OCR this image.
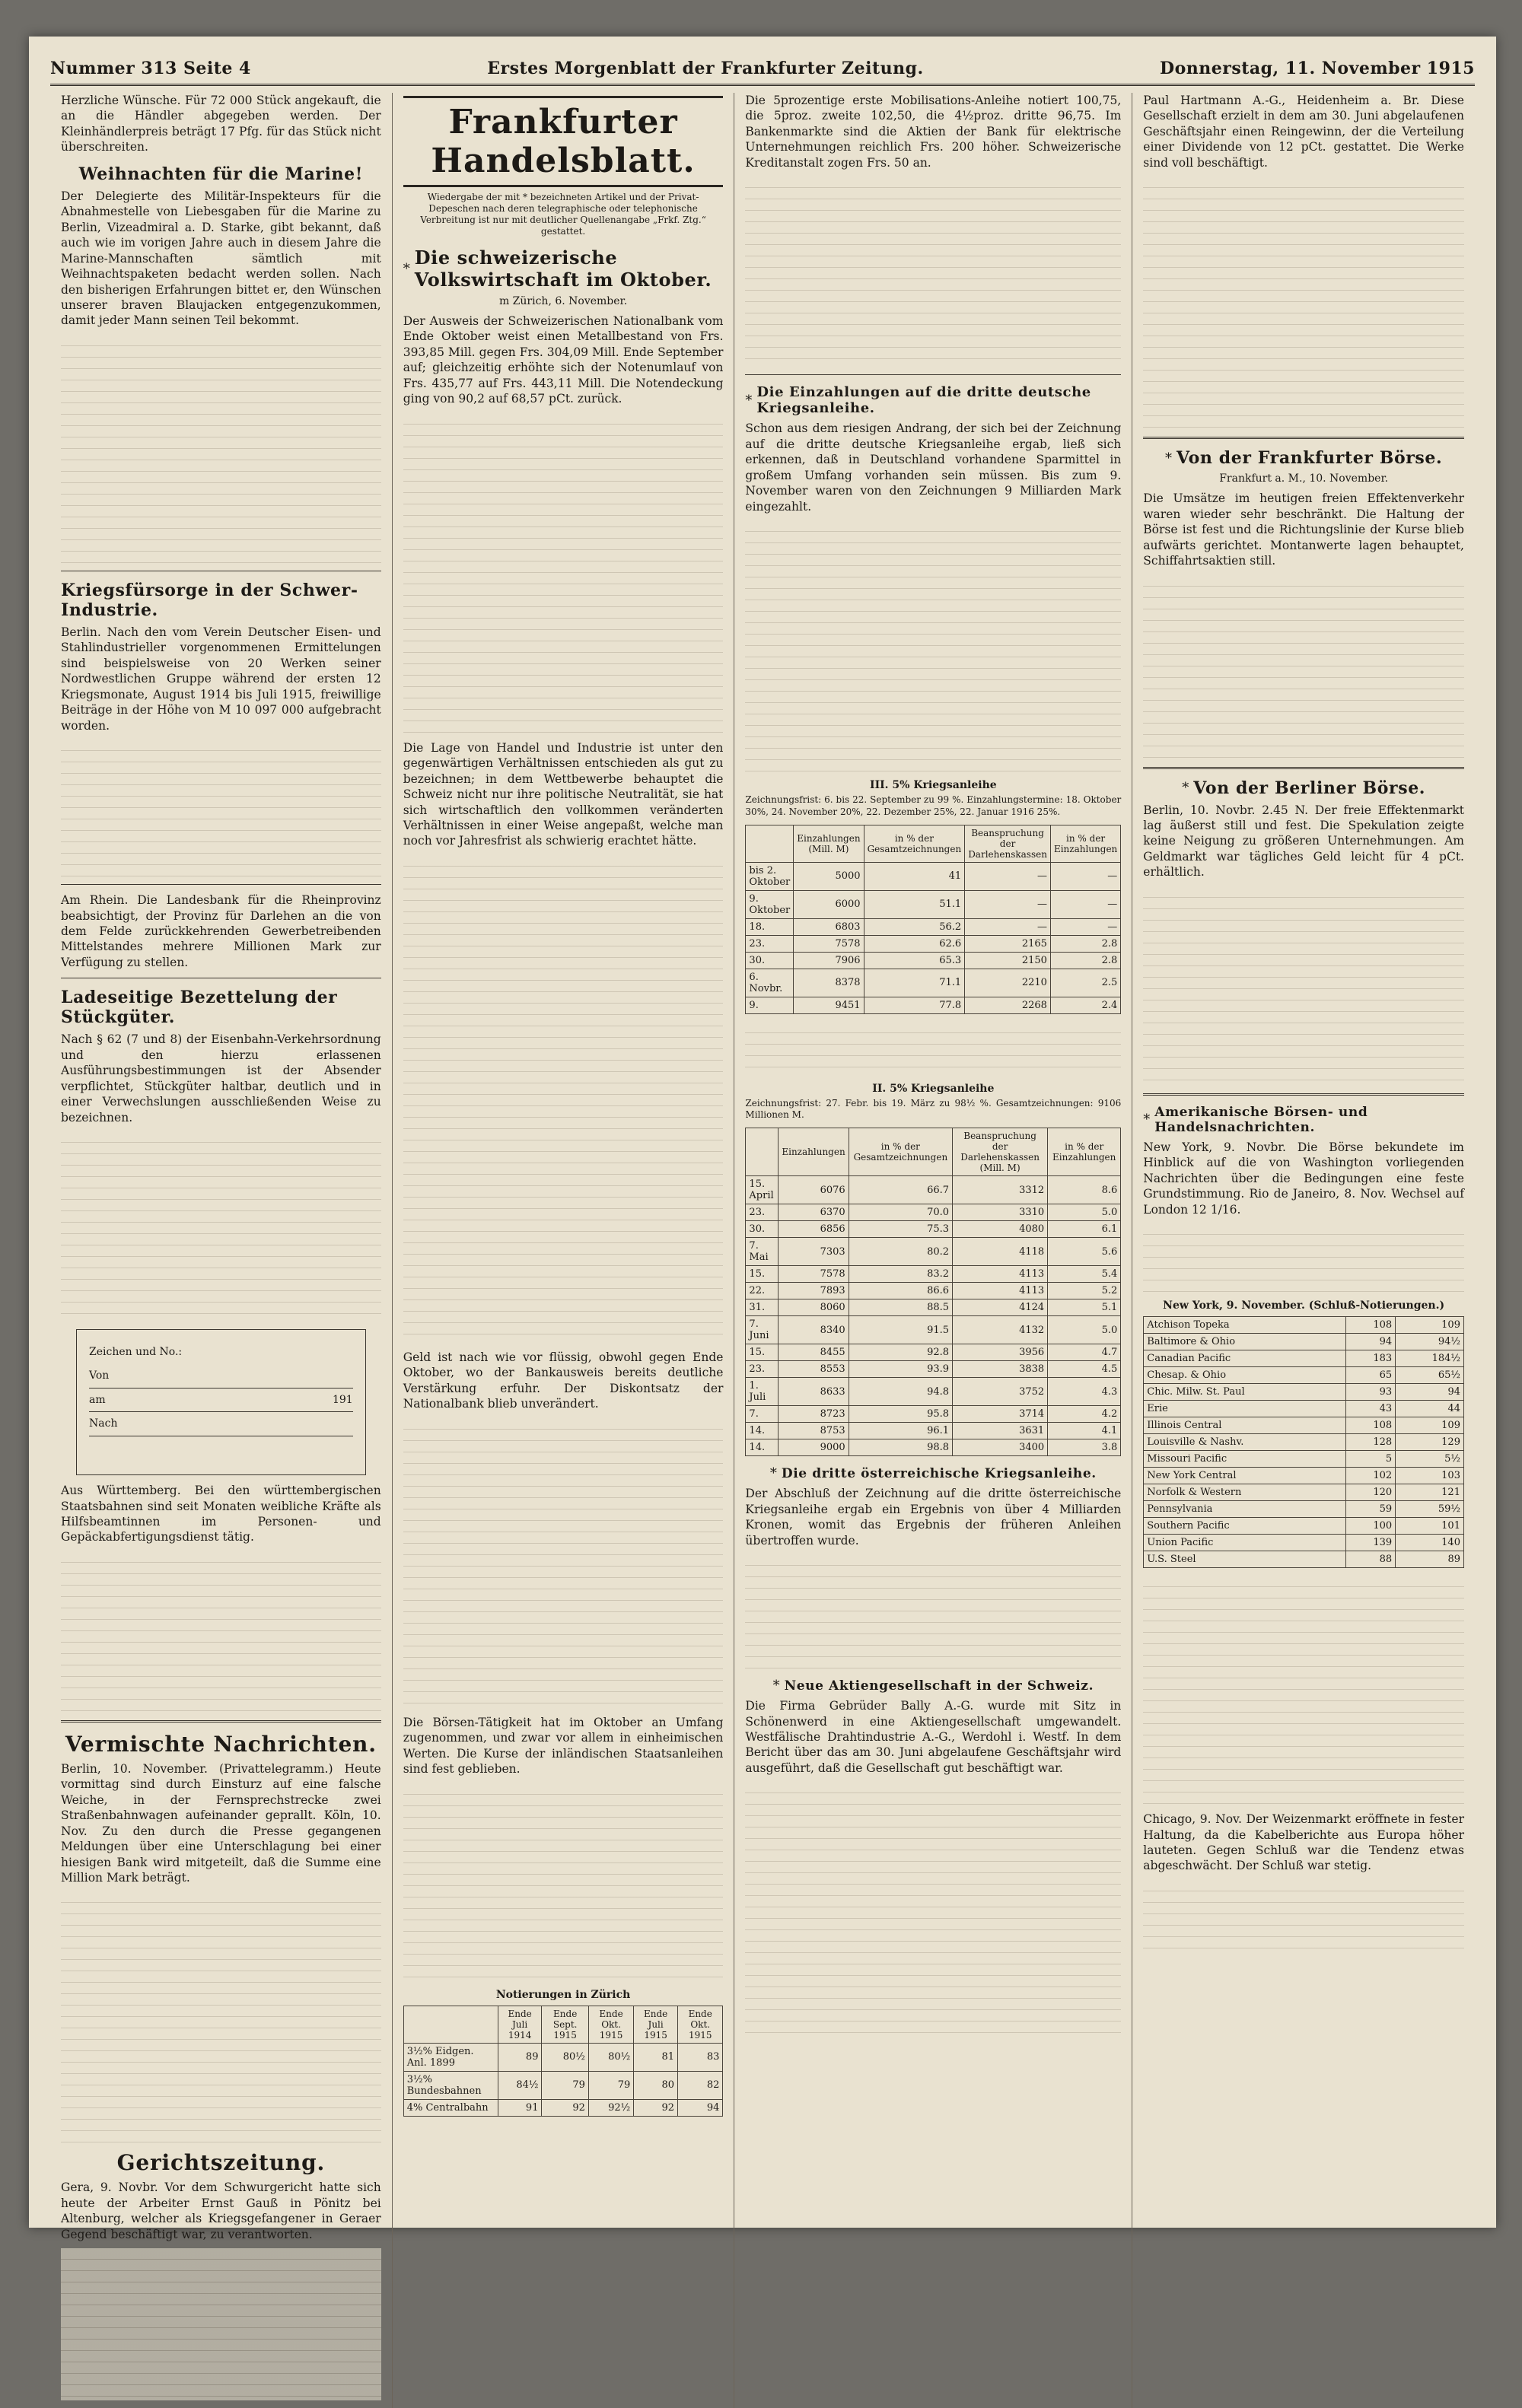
Nummer 313 Seite 4	Erstes Morgenblatt der Frankfurter Zeitung.	Donnerstag, 11. November 1915

Herzliche Wünsche. Für 72 000 Stück angekauft, die an die Händler abgegeben werden. Der Kleinhändlerpreis beträgt 17 Pfg. für das Stück nicht überschreiten.

Weihnachten für die Marine!

Der Delegierte des Militär-Inspekteurs für die Abnahmestelle von Liebesgaben für die Marine zu Berlin, Vizeadmiral a. D. Starke, gibt bekannt, daß auch wie im vorigen Jahre auch in diesem Jahre die Marine-Mannschaften sämtlich mit Weihnachtspaketen bedacht werden sollen. Nach den bisherigen Erfahrungen bittet er, den Wünschen unserer braven Blaujacken entgegenzukommen, damit jeder Mann seinen Teil bekommt.

Kriegsfürsorge in der Schwer-Industrie.

Berlin. Nach den vom Verein Deutscher Eisen- und Stahlindustrieller vorgenommenen Ermittelungen sind beispielsweise von 20 Werken seiner Nordwestlichen Gruppe während der ersten 12 Kriegsmonate, August 1914 bis Juli 1915, freiwillige Beiträge in der Höhe von M 10 097 000 aufgebracht worden.

Am Rhein. Die Landesbank für die Rheinprovinz beabsichtigt, der Provinz für Darlehen an die von dem Felde zurückkehrenden Gewerbetreibenden Mittelstandes mehrere Millionen Mark zur Verfügung zu stellen.

Ladeseitige Bezettelung der Stückgüter.

Nach § 62 (7 und 8) der Eisenbahn-Verkehrsordnung und den hierzu erlassenen Ausführungsbestimmungen ist der Absender verpflichtet, Stückgüter haltbar, deutlich und in einer Verwechslungen ausschließenden Weise zu bezeichnen.

Zeichen und No.:
Von
am	191
Nach

Aus Württemberg. Bei den württembergischen Staatsbahnen sind seit Monaten weibliche Kräfte als Hilfsbeamtinnen im Personen- und Gepäckabfertigungsdienst tätig.

Vermischte Nachrichten.

Berlin, 10. November. (Privattelegramm.) Heute vormittag sind durch Einsturz auf eine falsche Weiche, in der Fernsprechstrecke zwei Straßenbahnwagen aufeinander geprallt. Köln, 10. Nov. Zu den durch die Presse gegangenen Meldungen über eine Unterschlagung bei einer hiesigen Bank wird mitgeteilt, daß die Summe eine Million Mark beträgt.

Gerichtszeitung.

Gera, 9. Novbr. Vor dem Schwurgericht hatte sich heute der Arbeiter Ernst Gauß in Pönitz bei Altenburg, welcher als Kriegsgefangener in Geraer Gegend beschäftigt war, zu verantworten.

Frankfurter Handelsblatt.
Wiedergabe der mit * bezeichneten Artikel und der Privat-Depeschen nach deren telegraphische oder telephonische Verbreitung ist nur mit deutlicher Quellenangabe „Frkf. Ztg.“ gestattet.
* Die schweizerische Volkswirtschaft im Oktober.
m Zürich, 6. November.

Der Ausweis der Schweizerischen Nationalbank vom Ende Oktober weist einen Metallbestand von Frs. 393,85 Mill. gegen Frs. 304,09 Mill. Ende September auf; gleichzeitig erhöhte sich der Notenumlauf von Frs. 435,77 auf Frs. 443,11 Mill. Die Notendeckung ging von 90,2 auf 68,57 pCt. zurück.

Die Lage von Handel und Industrie ist unter den gegenwärtigen Verhältnissen entschieden als gut zu bezeichnen; in dem Wettbewerbe behauptet die Schweiz nicht nur ihre politische Neutralität, sie hat sich wirtschaftlich den vollkommen veränderten Verhältnissen in einer Weise angepaßt, welche man noch vor Jahresfrist als schwierig erachtet hätte.

Geld ist nach wie vor flüssig, obwohl gegen Ende Oktober, wo der Bankausweis bereits deutliche Verstärkung erfuhr. Der Diskontsatz der Nationalbank blieb unverändert.

Die Börsen-Tätigkeit hat im Oktober an Umfang zugenommen, und zwar vor allem in einheimischen Werten. Die Kurse der inländischen Staatsanleihen sind fest geblieben.

Notierungen in Zürich
	Ende Juli 1914	Ende Sept. 1915	Ende Okt. 1915	Ende Juli 1915	Ende Okt. 1915
3½% Eidgen. Anl. 1899	89	80½	80½	81	83
3½% Bundesbahnen	84½	79	79	80	82
4% Centralbahn	91	92	92½	92	94

Die 5prozentige erste Mobilisations-Anleihe notiert 100,75, die 5proz. zweite 102,50, die 4½proz. dritte 96,75. Im Bankenmarkte sind die Aktien der Bank für elektrische Unternehmungen reichlich Frs. 200 höher. Schweizerische Kreditanstalt zogen Frs. 50 an.

* Die Einzahlungen auf die dritte deutsche Kriegsanleihe.

Schon aus dem riesigen Andrang, der sich bei der Zeichnung auf die dritte deutsche Kriegsanleihe ergab, ließ sich erkennen, daß in Deutschland vorhandene Sparmittel in großem Umfang vorhanden sein müssen. Bis zum 9. November waren von den Zeichnungen 9 Milliarden Mark eingezahlt.

III. 5% Kriegsanleihe

Zeichnungsfrist: 6. bis 22. September zu 99 %. Einzahlungstermine: 18. Oktober 30%, 24. November 20%, 22. Dezember 25%, 22. Januar 1916 25%.

	Einzahlungen (Mill. M)	in % der Gesamtzeichnungen	Beanspruchung der Darlehenskassen	in % der Einzahlungen
bis 2. Oktober	5000	41	—	—
9. Oktober	6000	51.1	—	—
18.	6803	56.2	—	—
23.	7578	62.6	2165	2.8
30.	7906	65.3	2150	2.8
6. Novbr.	8378	71.1	2210	2.5
9.	9451	77.8	2268	2.4
II. 5% Kriegsanleihe

Zeichnungsfrist: 27. Febr. bis 19. März zu 98½ %. Gesamtzeichnungen: 9106 Millionen M.

	Einzahlungen	in % der Gesamtzeichnungen	Beanspruchung der Darlehenskassen (Mill. M)	in % der Einzahlungen
15. April	6076	66.7	3312	8.6
23.	6370	70.0	3310	5.0
30.	6856	75.3	4080	6.1
7. Mai	7303	80.2	4118	5.6
15.	7578	83.2	4113	5.4
22.	7893	86.6	4113	5.2
31.	8060	88.5	4124	5.1
7. Juni	8340	91.5	4132	5.0
15.	8455	92.8	3956	4.7
23.	8553	93.9	3838	4.5
1. Juli	8633	94.8	3752	4.3
7.	8723	95.8	3714	4.2
14.	8753	96.1	3631	4.1
14.	9000	98.8	3400	3.8
* Die dritte österreichische Kriegsanleihe.

Der Abschluß der Zeichnung auf die dritte österreichische Kriegsanleihe ergab ein Ergebnis von über 4 Milliarden Kronen, womit das Ergebnis der früheren Anleihen übertroffen wurde.

* Neue Aktiengesellschaft in der Schweiz.

Die Firma Gebrüder Bally A.-G. wurde mit Sitz in Schönenwerd in eine Aktiengesellschaft umgewandelt. Westfälische Drahtindustrie A.-G., Werdohl i. Westf. In dem Bericht über das am 30. Juni abgelaufene Geschäftsjahr wird ausgeführt, daß die Gesellschaft gut beschäftigt war.

Paul Hartmann A.-G., Heidenheim a. Br. Diese Gesellschaft erzielt in dem am 30. Juni abgelaufenen Geschäftsjahr einen Reingewinn, der die Verteilung einer Dividende von 12 pCt. gestattet. Die Werke sind voll beschäftigt.

* Von der Frankfurter Börse.
Frankfurt a. M., 10. November.

Die Umsätze im heutigen freien Effektenverkehr waren wieder sehr beschränkt. Die Haltung der Börse ist fest und die Richtungslinie der Kurse blieb aufwärts gerichtet. Montanwerte lagen behauptet, Schiffahrtsaktien still.

* Von der Berliner Börse.

Berlin, 10. Novbr. 2.45 N. Der freie Effektenmarkt lag äußerst still und fest. Die Spekulation zeigte keine Neigung zu größeren Unternehmungen. Am Geldmarkt war tägliches Geld leicht für 4 pCt. erhältlich.

* Amerikanische Börsen- und Handelsnachrichten.

New York, 9. Novbr. Die Börse bekundete im Hinblick auf die von Washington vorliegenden Nachrichten über die Bedingungen eine feste Grundstimmung. Rio de Janeiro, 8. Nov. Wechsel auf London 12 1/16.

New York, 9. November. (Schluß-Notierungen.)
Atchison Topeka	108	109
Baltimore & Ohio	94	94½
Canadian Pacific	183	184½
Chesap. & Ohio	65	65½
Chic. Milw. St. Paul	93	94
Erie	43	44
Illinois Central	108	109
Louisville & Nashv.	128	129
Missouri Pacific	5	5½
New York Central	102	103
Norfolk & Western	120	121
Pennsylvania	59	59½
Southern Pacific	100	101
Union Pacific	139	140
U.S. Steel	88	89

Chicago, 9. Nov. Der Weizenmarkt eröffnete in fester Haltung, da die Kabelberichte aus Europa höher lauteten. Gegen Schluß war die Tendenz etwas abgeschwächt. Der Schluß war stetig.
